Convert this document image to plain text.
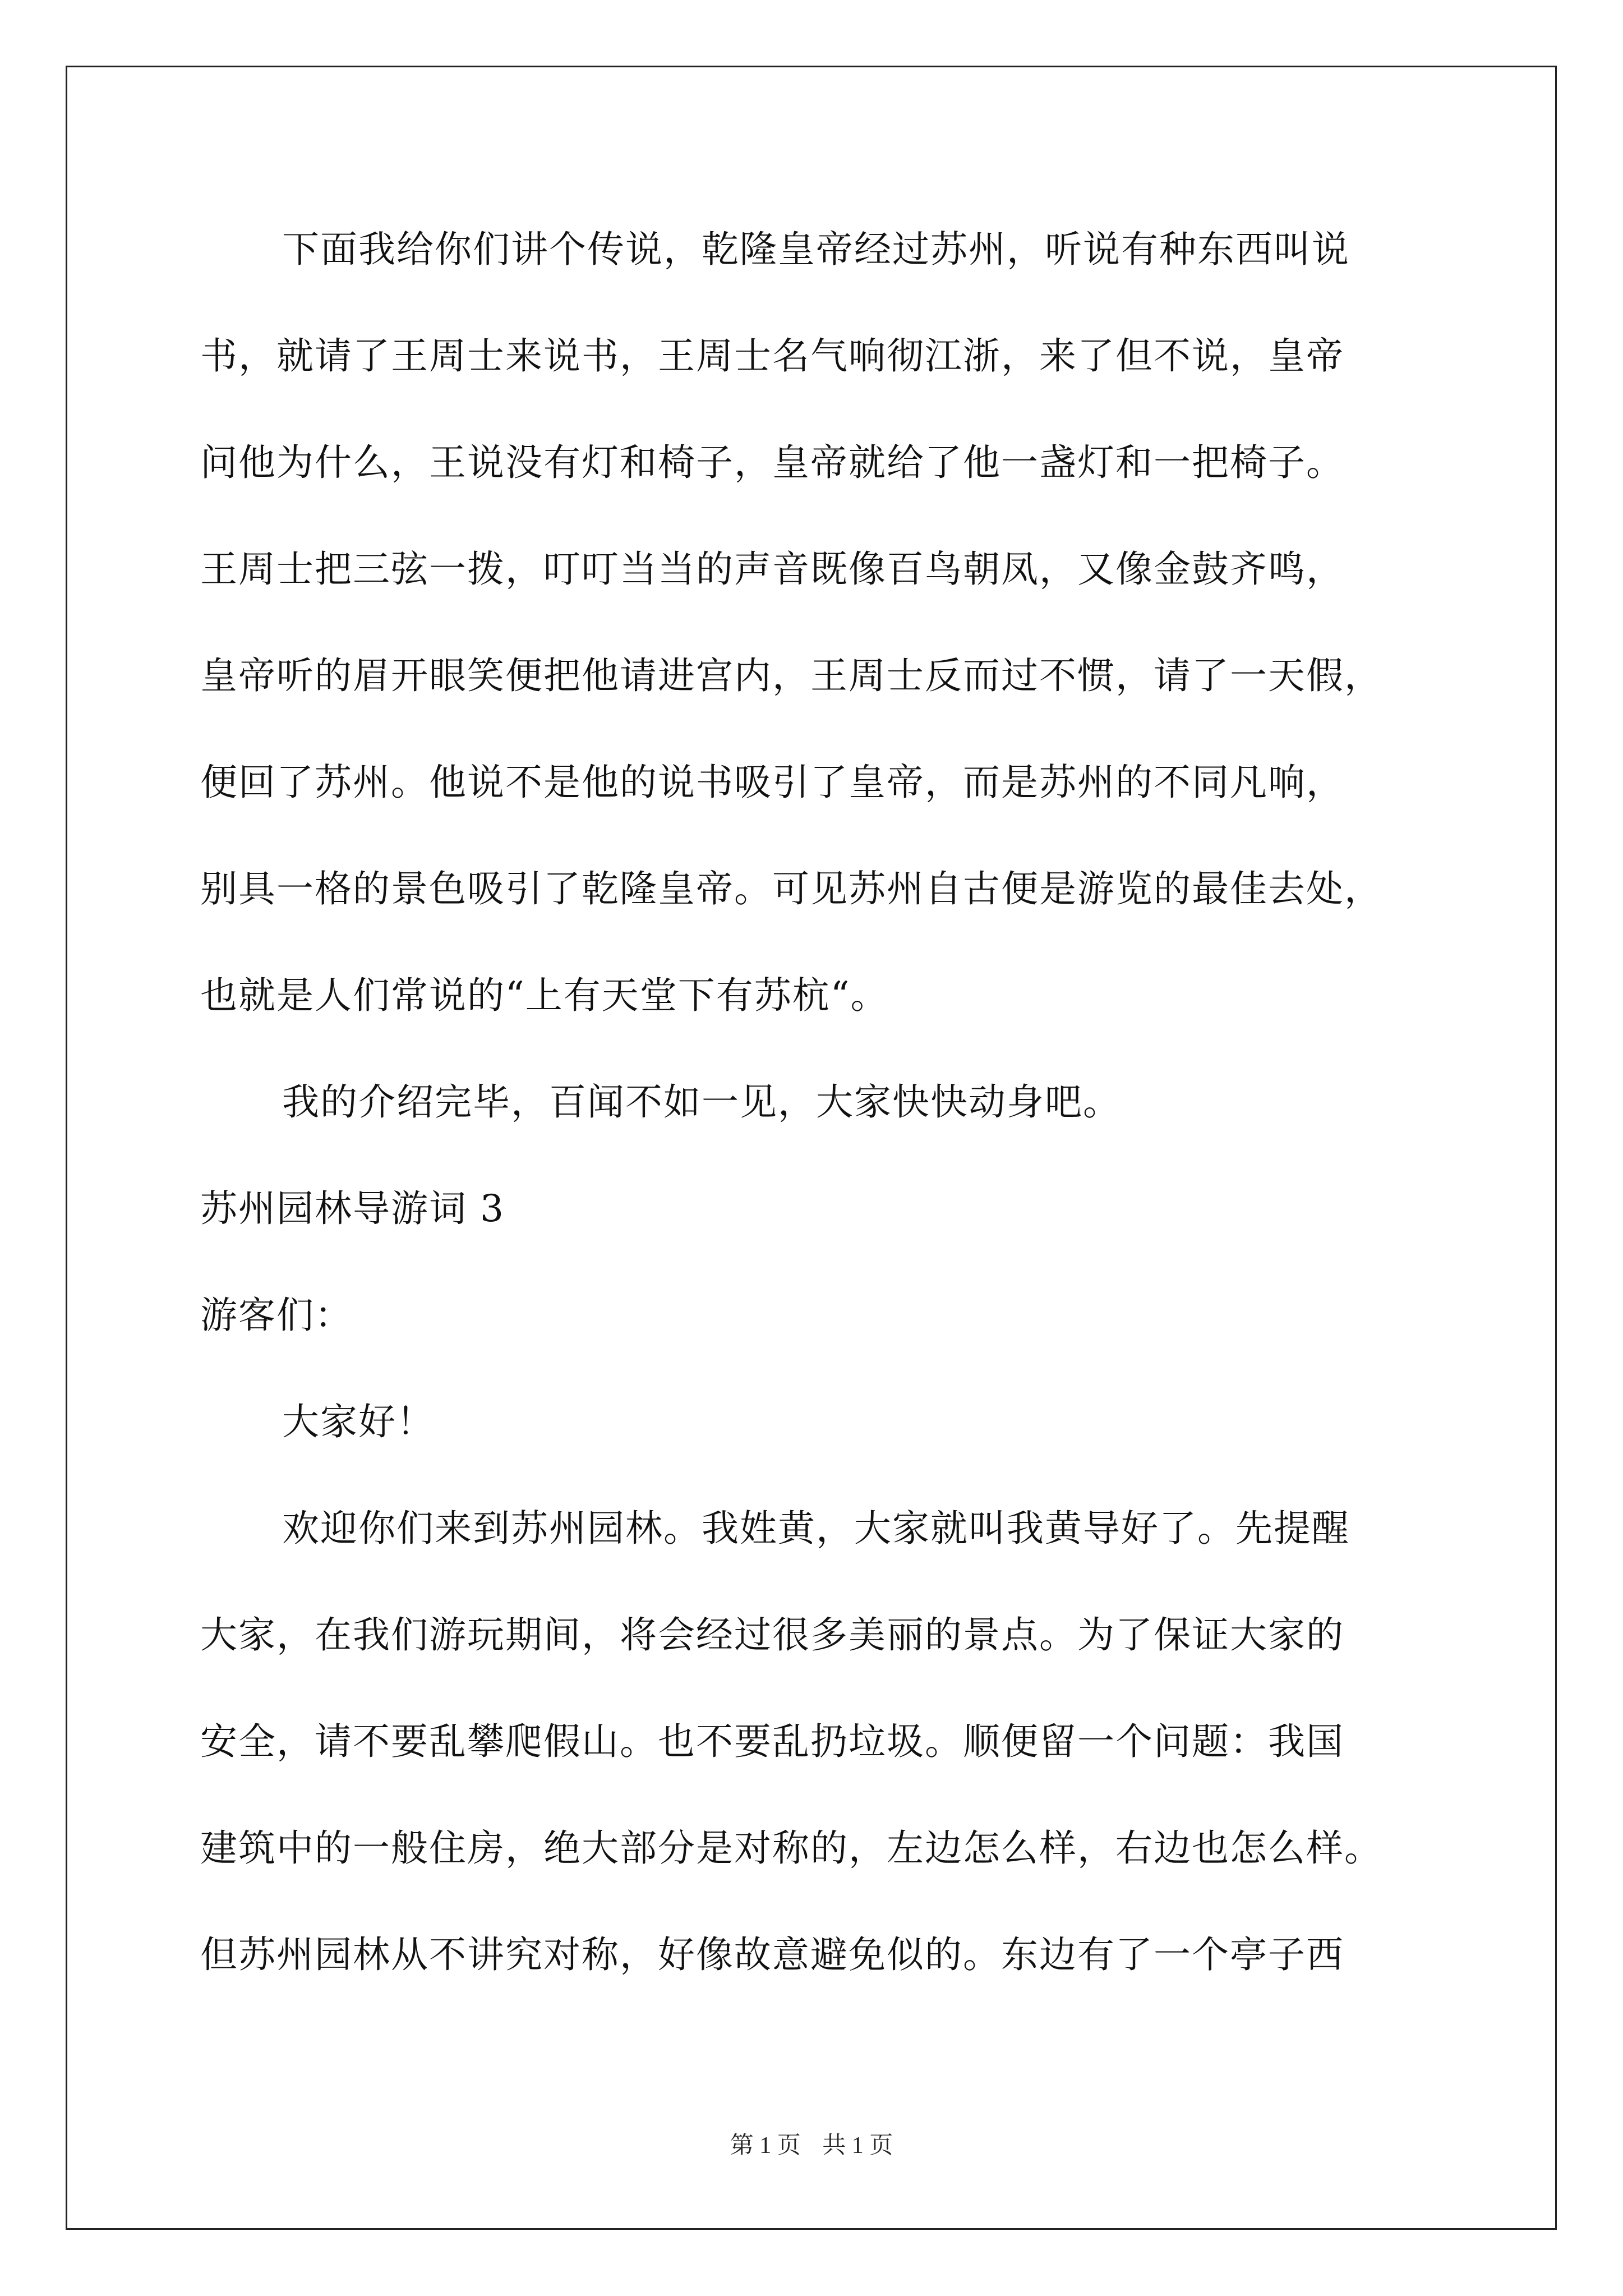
下面我给你们讲个传说，乾隆皇帝经过苏州，听说有种东西叫说
书，就请了王周士来说书，王周士名气响彻江浙，来了但不说，皇帝
问他为什么，王说没有灯和椅子，皇帝就给了他一盏灯和一把椅子。
王周士把三弦一拨，叮叮当当的声音既像百鸟朝凤，又像金鼓齐鸣，
皇帝听的眉开眼笑便把他请进宫内，王周士反而过不惯，请了一天假，
便回了苏州。他说不是他的说书吸引了皇帝，而是苏州的不同凡响，
别具一格的景色吸引了乾隆皇帝。可见苏州自古便是游览的最佳去处，
也就是人们常说的“上有天堂下有苏杭“。
我的介绍完毕，百闻不如一见，大家快快动身吧。
苏州园林导游词 3
游客们：
大家好！
欢迎你们来到苏州园林。我姓黄，大家就叫我黄导好了。先提醒
大家，在我们游玩期间，将会经过很多美丽的景点。为了保证大家的
安全，请不要乱攀爬假山。也不要乱扔垃圾。顺便留一个问题：我国
建筑中的一般住房，绝大部分是对称的，左边怎么样，右边也怎么样。
但苏州园林从不讲究对称，好像故意避免似的。东边有了一个亭子西
第 1 页 共 1 页
